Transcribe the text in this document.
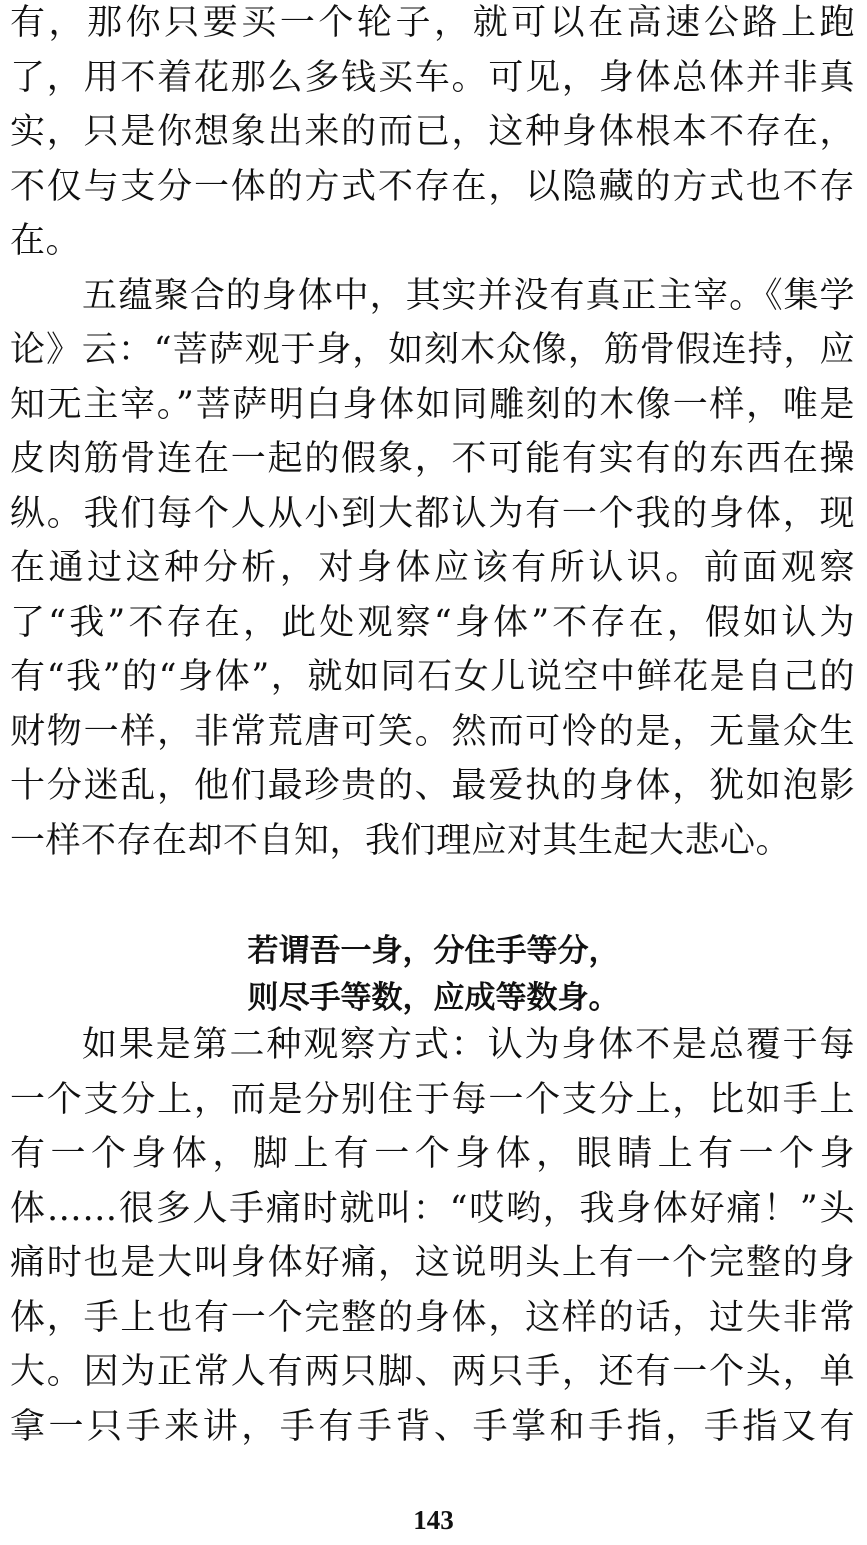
有，那你只要买一个轮子，就可以在高速公路上跑了，用不着花那么多钱买车。可见，身体总体并非真实，只是你想象出来的而已，这种身体根本不存在，不仅与支分一体的方式不存在，以隐藏的方式也不存在。

五蕴聚合的身体中，其实并没有真正主宰。《集学论》云：“菩萨观于身，如刻木众像，筋骨假连持，应知无主宰。”菩萨明白身体如同雕刻的木像一样，唯是皮肉筋骨连在一起的假象，不可能有实有的东西在操纵。我们每个人从小到大都认为有一个我的身体，现在通过这种分析，对身体应该有所认识。前面观察了“我”不存在，此处观察“身体”不存在，假如认为有“我”的“身体”，就如同石女儿说空中鲜花是自己的财物一样，非常荒唐可笑。然而可怜的是，无量众生十分迷乱，他们最珍贵的、最爱执的身体，犹如泡影一样不存在却不自知，我们理应对其生起大悲心。

若谓吾一身，分住手等分，
则尽手等数，应成等数身。

如果是第二种观察方式：认为身体不是总覆于每一个支分上，而是分别住于每一个支分上，比如手上有一个身体，脚上有一个身体，眼睛上有一个身体……很多人手痛时就叫：“哎哟，我身体好痛！”头痛时也是大叫身体好痛，这说明头上有一个完整的身体，手上也有一个完整的身体，这样的话，过失非常大。因为正常人有两只脚、两只手，还有一个头，单拿一只手来讲，手有手背、手掌和手指，手指又有

143
